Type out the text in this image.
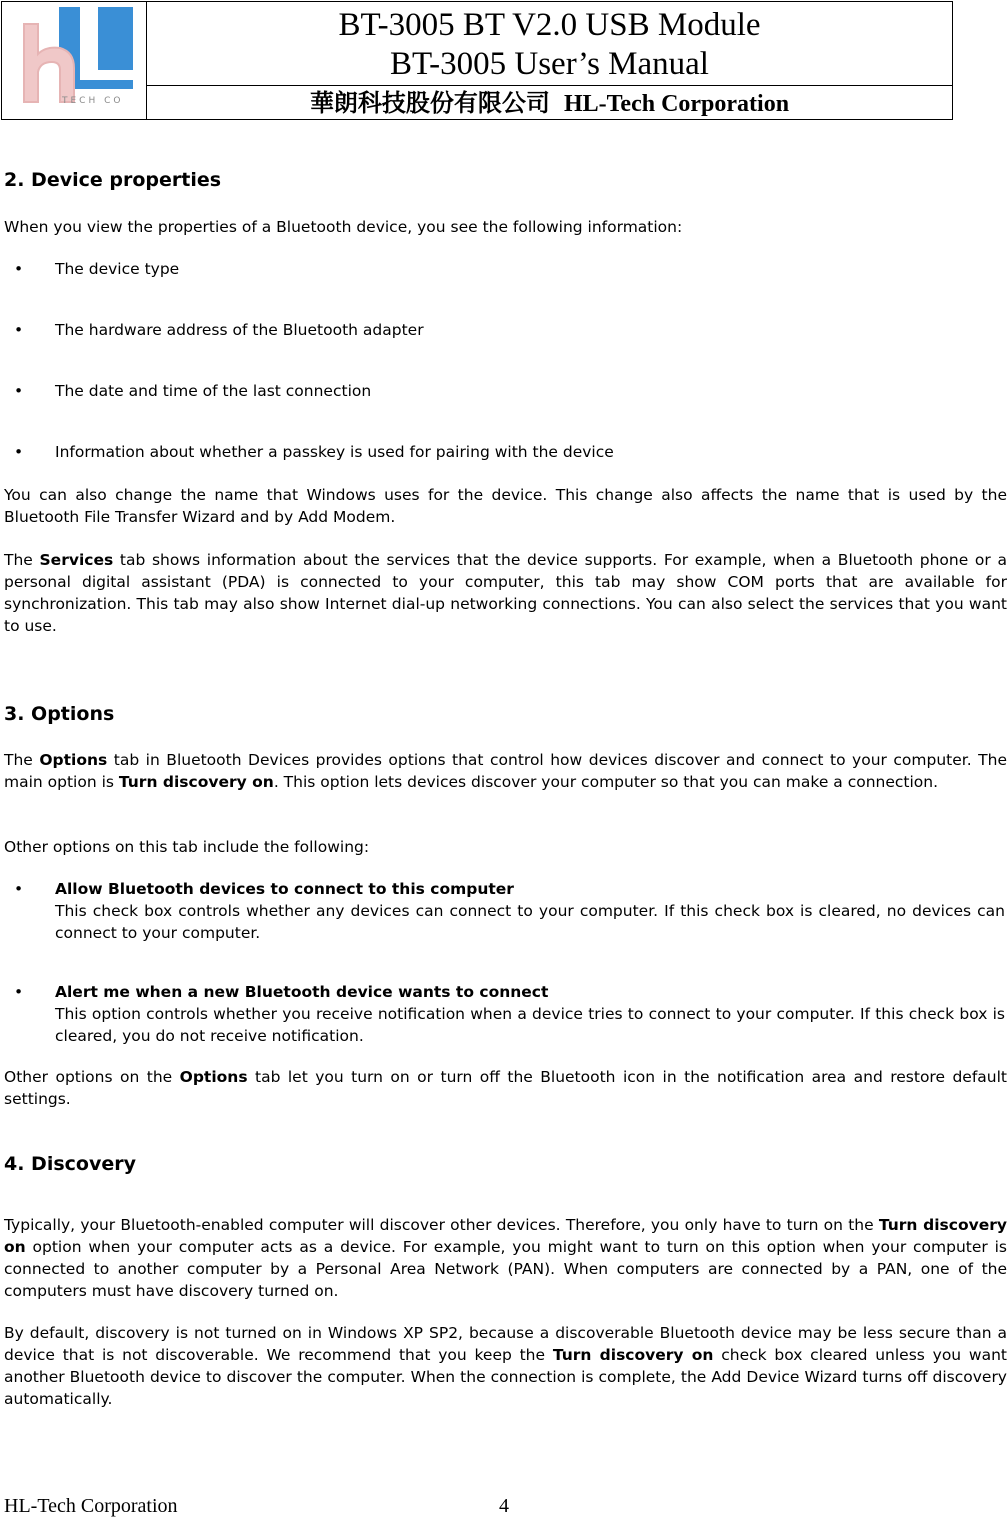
TECH CO
BT-3005 BT V2.0 USB Module
BT-3005 User’s Manual
華朗科技股份有限公司 HL-Tech Corporation
2. Device properties
When you view the properties of a Bluetooth device, you see the following information:
• The device type
• The hardware address of the Bluetooth adapter
• The date and time of the last connection
• Information about whether a passkey is used for pairing with the device
You can also change the name that Windows uses for the device. This change also affects the name that is used by the Bluetooth File Transfer Wizard and by Add Modem.
The Services tab shows information about the services that the device supports. For example, when a Bluetooth phone or a personal digital assistant (PDA) is connected to your computer, this tab may show COM ports that are available for synchronization. This tab may also show Internet dial-up networking connections. You can also select the services that you want to use.
3. Options
The Options tab in Bluetooth Devices provides options that control how devices discover and connect to your computer. The main option is Turn discovery on. This option lets devices discover your computer so that you can make a connection.
Other options on this tab include the following:
• Allow Bluetooth devices to connect to this computer
This check box controls whether any devices can connect to your computer. If this check box is cleared, no devices can connect to your computer.
• Alert me when a new Bluetooth device wants to connect
This option controls whether you receive notification when a device tries to connect to your computer. If this check box is cleared, you do not receive notification.
Other options on the Options tab let you turn on or turn off the Bluetooth icon in the notification area and restore default settings.
4. Discovery
Typically, your Bluetooth-enabled computer will discover other devices. Therefore, you only have to turn on the Turn discovery on option when your computer acts as a device. For example, you might want to turn on this option when your computer is connected to another computer by a Personal Area Network (PAN). When computers are connected by a PAN, one of the computers must have discovery turned on.
By default, discovery is not turned on in Windows XP SP2, because a discoverable Bluetooth device may be less secure than a device that is not discoverable. We recommend that you keep the Turn discovery on check box cleared unless you want another Bluetooth device to discover the computer. When the connection is complete, the Add Device Wizard turns off discovery automatically.
HL-Tech Corporation	4
